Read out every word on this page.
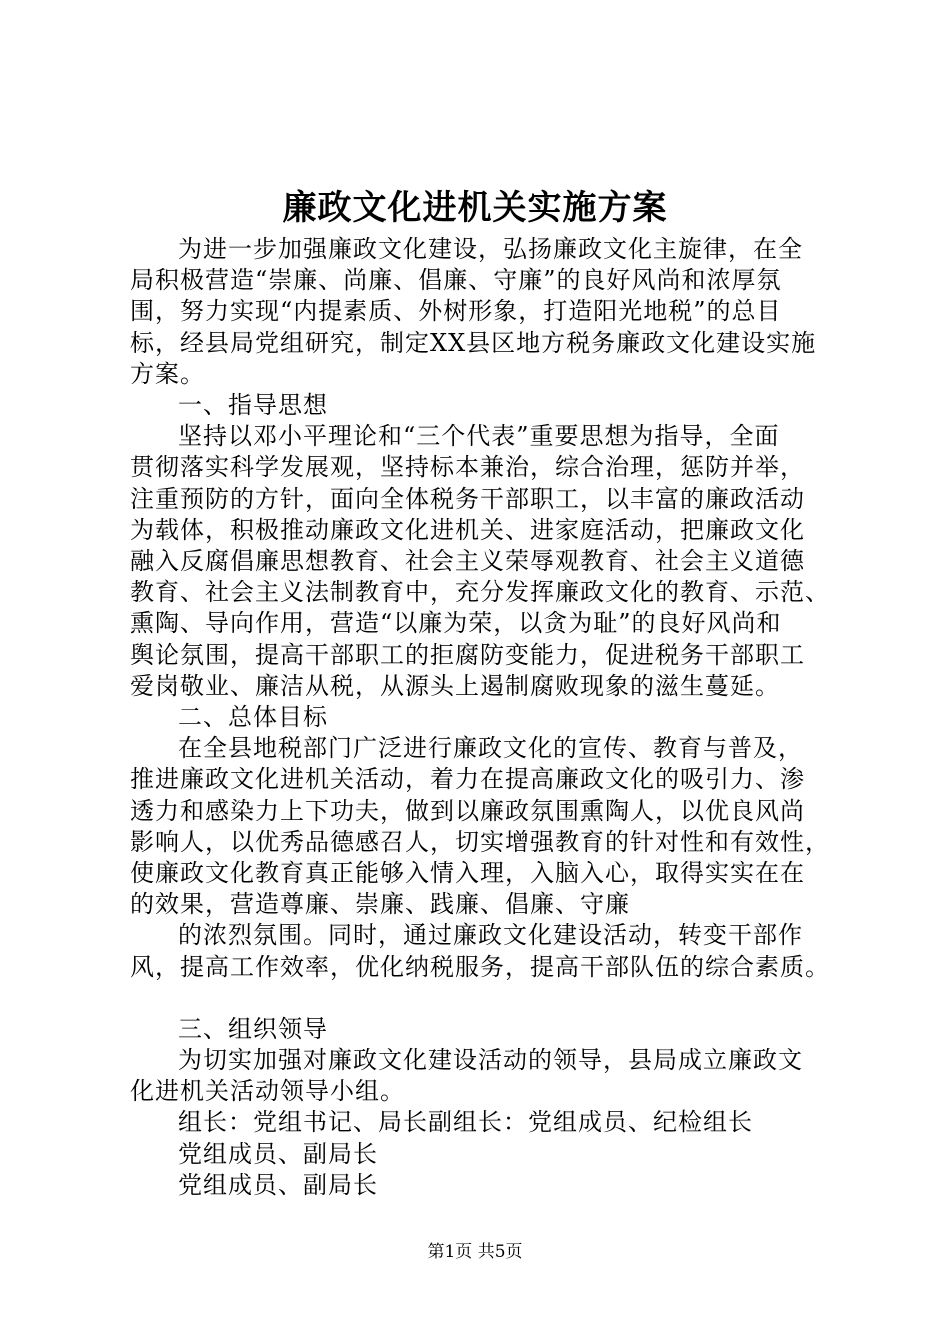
廉政文化进机关实施方案

为进一步加强廉政文化建设，弘扬廉政文化主旋律，在全
局积极营造“崇廉、尚廉、倡廉、守廉”的良好风尚和浓厚氛
围，努力实现“内提素质、外树形象，打造阳光地税”的总目
标，经县局党组研究，制定XX县区地方税务廉政文化建设实施
方案。

一、指导思想

坚持以邓小平理论和“三个代表”重要思想为指导，全面
贯彻落实科学发展观，坚持标本兼治，综合治理，惩防并举，
注重预防的方针，面向全体税务干部职工，以丰富的廉政活动
为载体，积极推动廉政文化进机关、进家庭活动，把廉政文化
融入反腐倡廉思想教育、社会主义荣辱观教育、社会主义道德
教育、社会主义法制教育中，充分发挥廉政文化的教育、示范、
熏陶、导向作用，营造“以廉为荣，以贪为耻”的良好风尚和
舆论氛围，提高干部职工的拒腐防变能力，促进税务干部职工
爱岗敬业、廉洁从税，从源头上遏制腐败现象的滋生蔓延。

二、总体目标

在全县地税部门广泛进行廉政文化的宣传、教育与普及，
推进廉政文化进机关活动，着力在提高廉政文化的吸引力、渗
透力和感染力上下功夫，做到以廉政氛围熏陶人，以优良风尚
影响人，以优秀品德感召人，切实增强教育的针对性和有效性，
使廉政文化教育真正能够入情入理，入脑入心，取得实实在在
的效果，营造尊廉、崇廉、践廉、倡廉、守廉

的浓烈氛围。同时，通过廉政文化建设活动，转变干部作
风，提高工作效率，优化纳税服务，提高干部队伍的综合素质。

三、组织领导

为切实加强对廉政文化建设活动的领导，县局成立廉政文
化进机关活动领导小组。

组长：党组书记、局长副组长：党组成员、纪检组长
党组成员、副局长
党组成员、副局长

第1页 共5页
